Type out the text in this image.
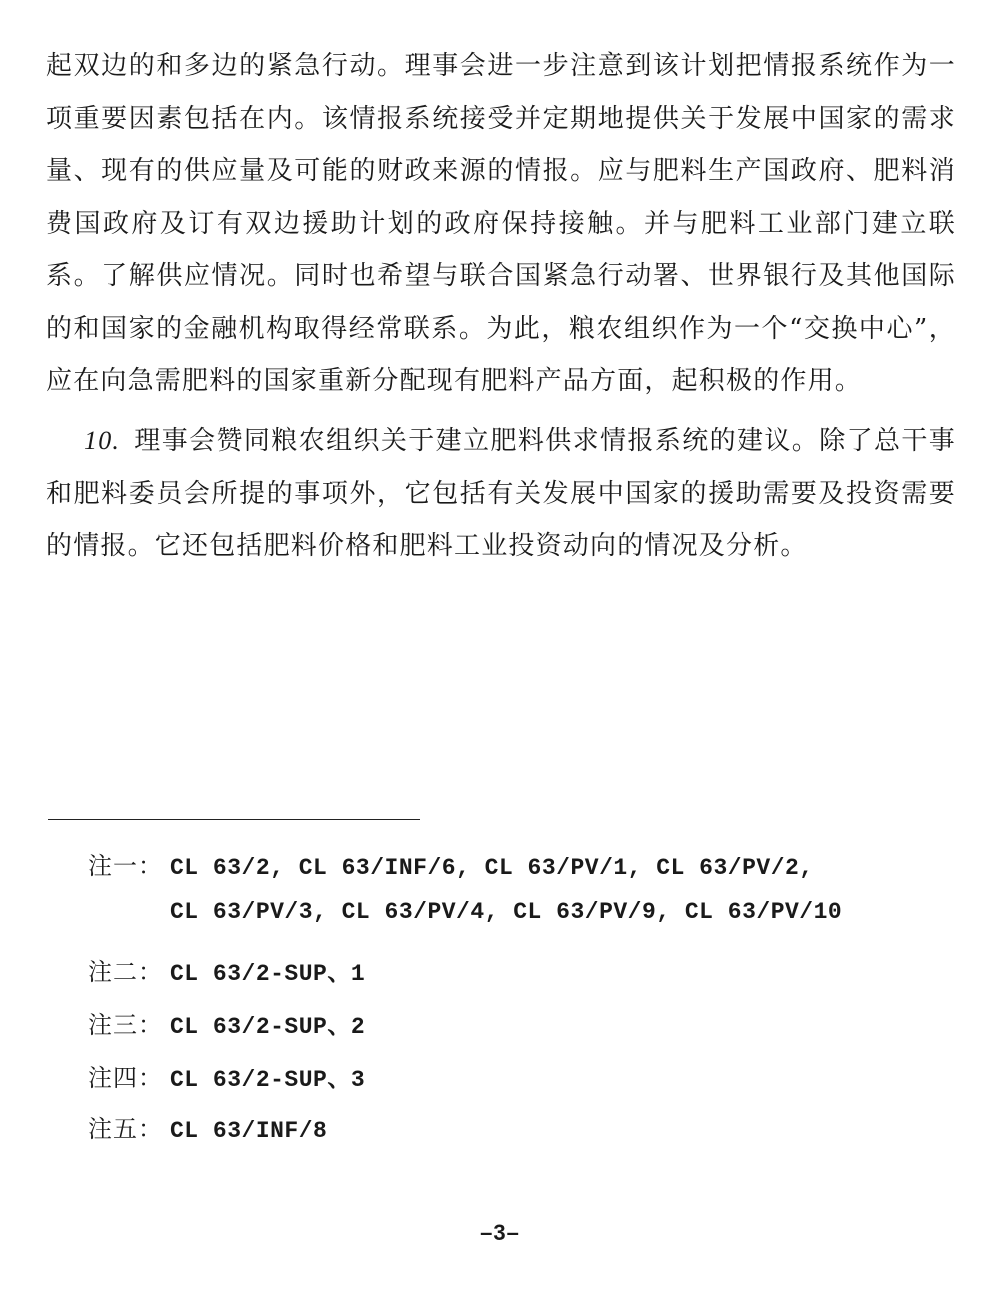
起双边的和多边的紧急行动。理事会进一步注意到该计划把情报系统作为一项重要因素包括在内。该情报系统接受并定期地提供关于发展中国家的需求量、现有的供应量及可能的财政来源的情报。应与肥料生产国政府、肥料消费国政府及订有双边援助计划的政府保持接触。并与肥料工业部门建立联系。了解供应情况。同时也希望与联合国紧急行动署、世界银行及其他国际的和国家的金融机构取得经常联系。为此，粮农组织作为一个“交换中心”，应在向急需肥料的国家重新分配现有肥料产品方面，起积极的作用。

10. 理事会赞同粮农组织关于建立肥料供求情报系统的建议。除了总干事和肥料委员会所提的事项外，它包括有关发展中国家的援助需要及投资需要的情报。它还包括肥料价格和肥料工业投资动向的情况及分析。

注一： CL 63/2, CL 63/INF/6, CL 63/PV/1, CL 63/PV/2,
CL 63/PV/3, CL 63/PV/4, CL 63/PV/9, CL 63/PV/10
注二： CL 63/2-SUP、1
注三： CL 63/2-SUP、2
注四： CL 63/2-SUP、3
注五： CL 63/INF/8
–3–
